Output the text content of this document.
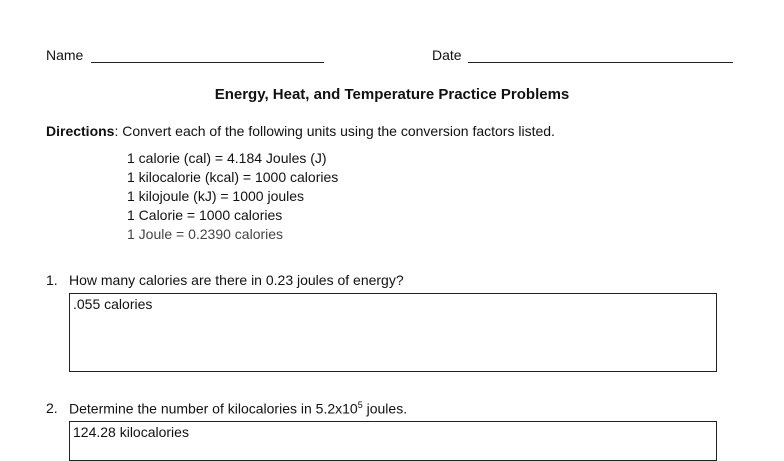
Name	Date
Energy, Heat, and Temperature Practice Problems
Directions: Convert each of the following units using the conversion factors listed.
1 calorie (cal) = 4.184 Joules (J)
1 kilocalorie (kcal) = 1000 calories
1 kilojoule (kJ) = 1000 joules
1 Calorie = 1000 calories
1 Joule = 0.2390 calories
1. How many calories are there in 0.23 joules of energy?
.055 calories
2. Determine the number of kilocalories in $5.2x10^5$ joules.
124.28 kilocalories
